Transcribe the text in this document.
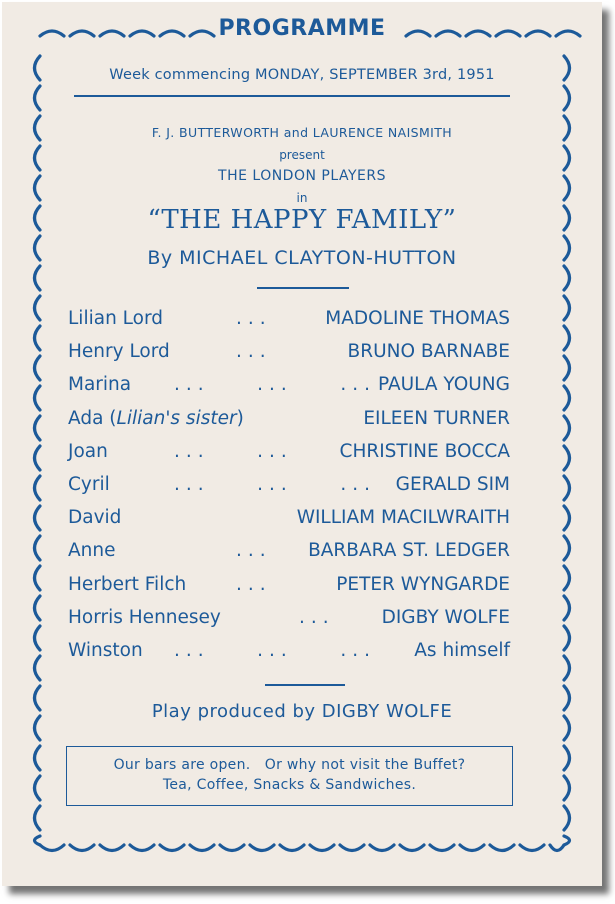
PROGRAMME
Week commencing MONDAY, SEPTEMBER 3rd, 1951
F. J. BUTTERWORTH and LAURENCE NAISMITH
present
THE LONDON PLAYERS
in
“THE HAPPY FAMILY”
By MICHAEL CLAYTON-HUTTON
Lilian Lord	...	MADOLINE THOMAS
Henry Lord	...	BRUNO BARNABE
Marina ...    ...    ... PAULA YOUNG
Ada (Lilian's sister)	EILEEN TURNER
Joan	...    ...	CHRISTINE BOCCA
Cyril	...    ...    ... GERALD SIM
David	WILLIAM MACILWRAITH
Anne	... BARBARA ST. LEDGER
Herbert Filch	...	PETER WYNGARDE
Horris Hennesey	...	DIGBY WOLFE
Winston ...    ...    ... As himself
Play produced by DIGBY WOLFE
Our bars are open.   Or why not visit the Buffet?
Tea, Coffee, Snacks & Sandwiches.
